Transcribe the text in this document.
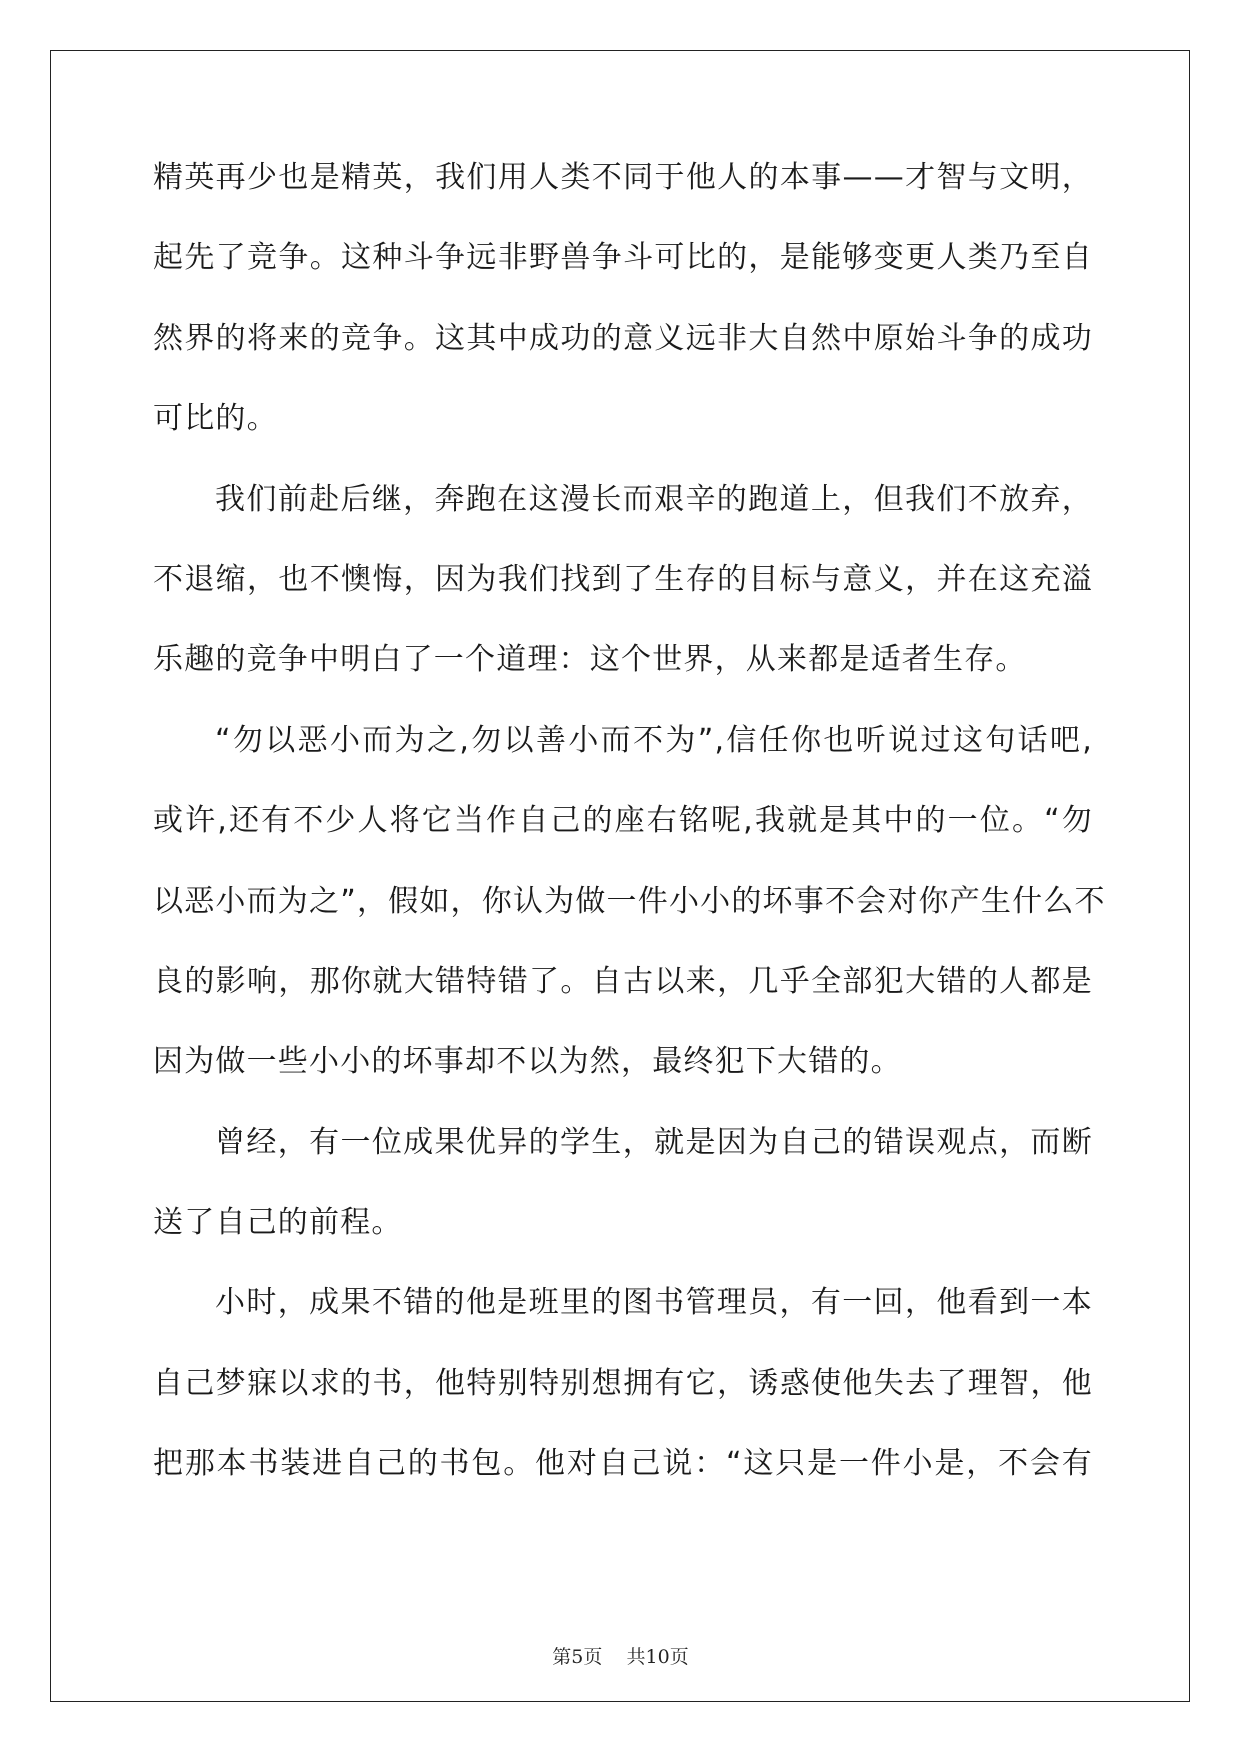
精英再少也是精英，我们用人类不同于他人的本事——才智与文明，
起先了竞争。这种斗争远非野兽争斗可比的，是能够变更人类乃至自
然界的将来的竞争。这其中成功的意义远非大自然中原始斗争的成功
可比的。
我们前赴后继，奔跑在这漫长而艰辛的跑道上，但我们不放弃，
不退缩，也不懊悔，因为我们找到了生存的目标与意义，并在这充溢
乐趣的竞争中明白了一个道理：这个世界，从来都是适者生存。
“勿以恶小而为之,勿以善小而不为”,信任你也听说过这句话吧,
或许,还有不少人将它当作自己的座右铭呢,我就是其中的一位。“勿
以恶小而为之”，假如，你认为做一件小小的坏事不会对你产生什么不
良的影响，那你就大错特错了。自古以来，几乎全部犯大错的人都是
因为做一些小小的坏事却不以为然，最终犯下大错的。
曾经，有一位成果优异的学生，就是因为自己的错误观点，而断
送了自己的前程。
小时，成果不错的他是班里的图书管理员，有一回，他看到一本
自己梦寐以求的书，他特别特别想拥有它，诱惑使他失去了理智，他
把那本书装进自己的书包。他对自己说：“这只是一件小是，不会有
第5页 共10页
